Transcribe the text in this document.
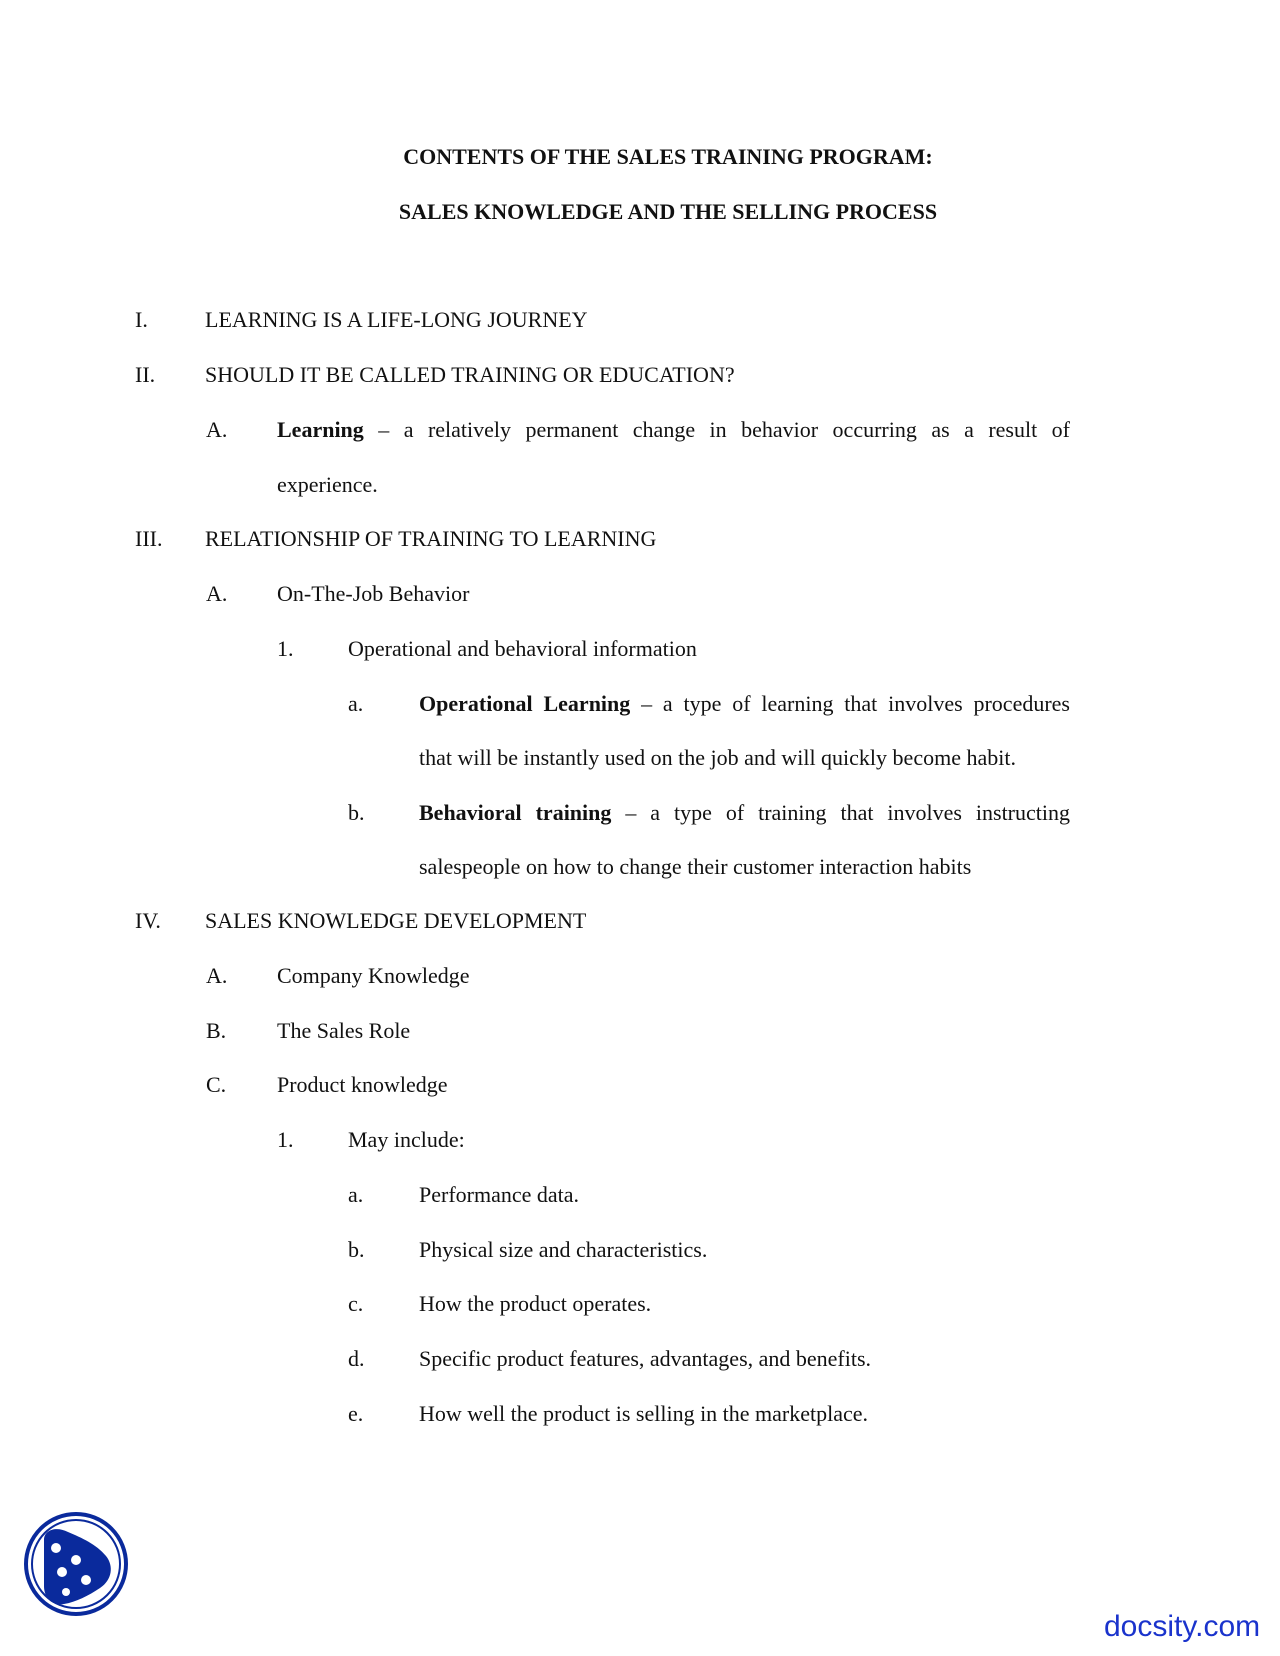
CONTENTS OF THE SALES TRAINING PROGRAM:
SALES KNOWLEDGE AND THE SELLING PROCESS
I.	LEARNING IS A LIFE-LONG JOURNEY
II. SHOULD IT BE CALLED TRAINING OR EDUCATION?
A. Learning – a relatively permanent change in behavior occurring as a result of
experience.
III. RELATIONSHIP OF TRAINING TO LEARNING
A. On-The-Job Behavior
1. Operational and behavioral information
a.	Operational Learning – a type of learning that involves procedures
that will be instantly used on the job and will quickly become habit.
b. Behavioral training – a type of training that involves instructing
salespeople on how to change their customer interaction habits
IV. SALES KNOWLEDGE DEVELOPMENT
A. Company Knowledge
B. The Sales Role
C. Product knowledge
1. May include:
a.	Performance data.
b. Physical size and characteristics.
c.	How the product operates.
d. Specific product features, advantages, and benefits.
e.	How well the product is selling in the marketplace.
docsity.com
